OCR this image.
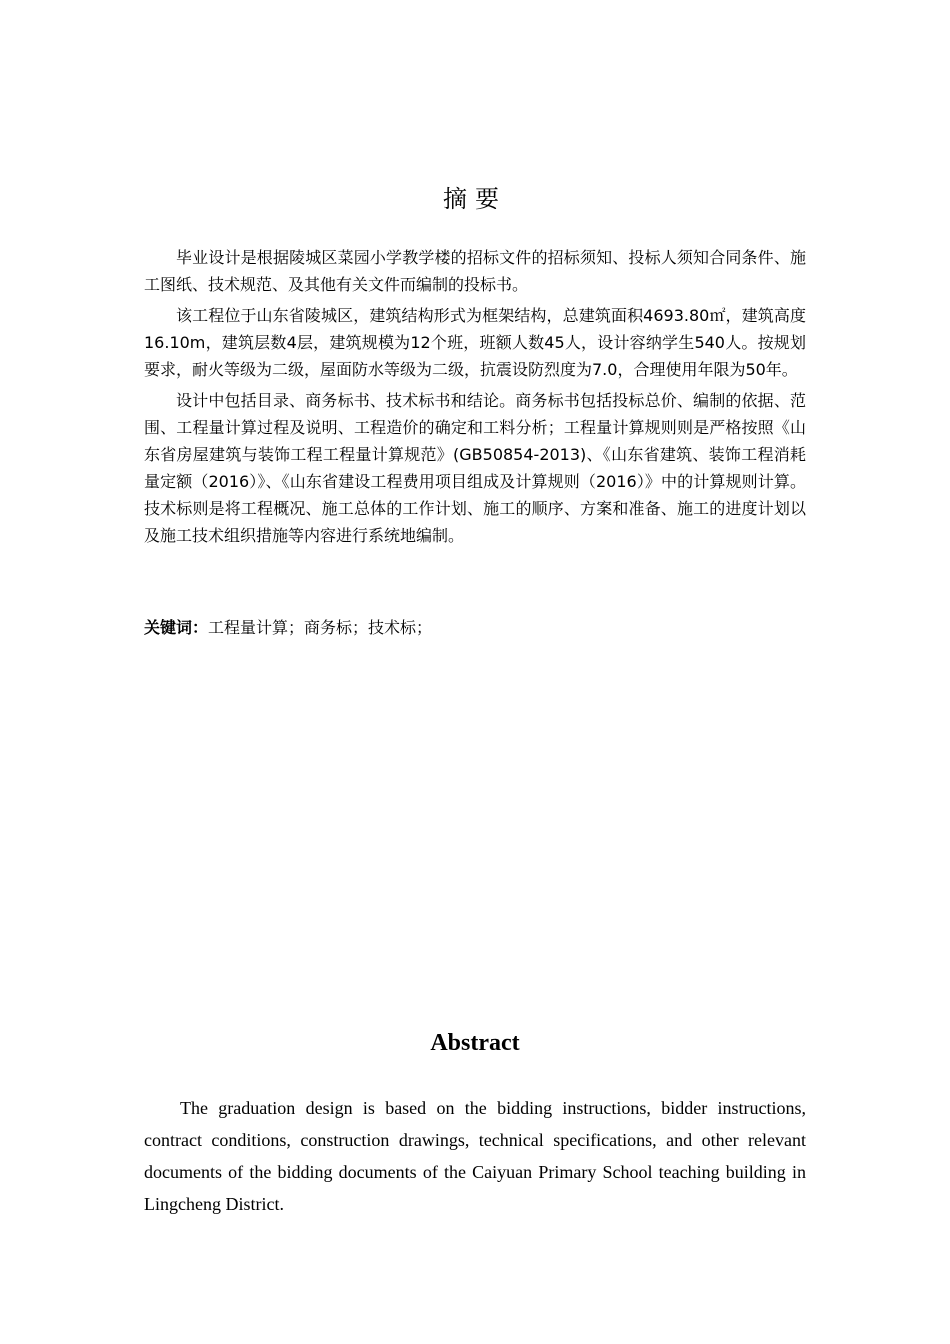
摘要

毕业设计是根据陵城区菜园小学教学楼的招标文件的招标须知、投标人须知合同条件、施工图纸、技术规范、及其他有关文件而编制的投标书。

该工程位于山东省陵城区，建筑结构形式为框架结构，总建筑面积4693.80㎡，建筑高度16.10m，建筑层数4层，建筑规模为12个班，班额人数45人，设计容纳学生540人。按规划要求，耐火等级为二级，屋面防水等级为二级，抗震设防烈度为7.0，合理使用年限为50年。

设计中包括目录、商务标书、技术标书和结论。商务标书包括投标总价、编制的依据、范围、工程量计算过程及说明、工程造价的确定和工料分析；工程量计算规则则是严格按照《山东省房屋建筑与装饰工程工程量计算规范》(GB50854-2013)、《山东省建筑、装饰工程消耗量定额（2016）》、《山东省建设工程费用项目组成及计算规则（2016）》中的计算规则计算。技术标则是将工程概况、施工总体的工作计划、施工的顺序、方案和准备、施工的进度计划以及施工技术组织措施等内容进行系统地编制。

关键词：工程量计算；商务标；技术标；
Abstract

The graduation design is based on the bidding instructions, bidder instructions, contract conditions, construction drawings, technical specifications, and other relevant documents of the bidding documents of the Caiyuan Primary School teaching building in Lingcheng District.
